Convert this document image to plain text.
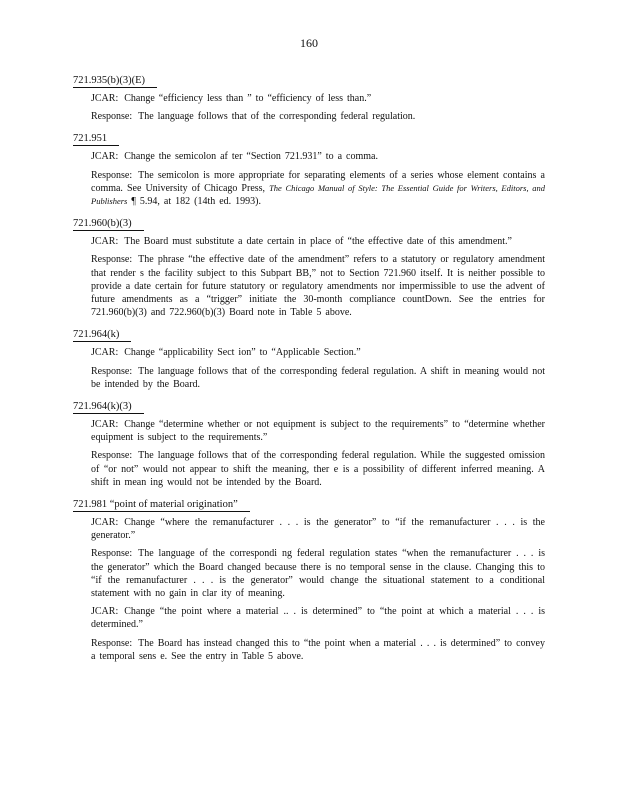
160
721.935(b)(3)(E)

JCAR: Change “efficiency less than ” to “efficiency of less than.”

Response: The language follows that of the corresponding federal regulation.

721.951

JCAR: Change the semicolon af ter “Section 721.931” to a comma.

Response: The semicolon is more appropriate for separating elements of a series whose element contains a comma. See University of Chicago Press, The Chicago Manual of Style: The Essential Guide for Writers, Editors, and Publishers ¶ 5.94, at 182 (14th ed. 1993).

721.960(b)(3)

JCAR: The Board must substitute a date certain in place of “the effective date of this amendment.”

Response: The phrase “the effective date of the amendment” refers to a statutory or regulatory amendment that render s the facility subject to this Subpart BB,” not to Section 721.960 itself. It is neither possible to provide a date certain for future statutory or regulatory amendments nor impermissible to use the advent of future amendments as a “trigger” initiate the 30-month compliance countDown. See the entries for 721.960(b)(3) and 722.960(b)(3) Board note in Table 5 above.

721.964(k)

JCAR: Change “applicability Sect ion” to “Applicable Section.”

Response: The language follows that of the corresponding federal regulation. A shift in meaning would not be intended by the Board.

721.964(k)(3)

JCAR: Change “determine whether or not equipment is subject to the requirements” to “determine whether equipment is subject to the requirements.”

Response: The language follows that of the corresponding federal regulation. While the suggested omission of “or not” would not appear to shift the meaning, ther e is a possibility of different inferred meaning. A shift in mean ing would not be intended by the Board.

721.981 “point of material origination”

JCAR: Change “where the remanufacturer . . . is the generator” to “if the remanufacturer . . . is the generator.”

Response: The language of the correspondi ng federal regulation states “when the remanufacturer . . . is the generator” which the Board changed because there is no temporal sense in the clause. Changing this to “if the remanufacturer . . . is the generator” would change the situational statement to a conditional statement with no gain in clar ity of meaning.

JCAR: Change “the point where a material .. . is determined” to “the point at which a material . . . is determined.”

Response: The Board has instead changed this to “the point when a material . . . is determined” to convey a temporal sens e. See the entry in Table 5 above.
